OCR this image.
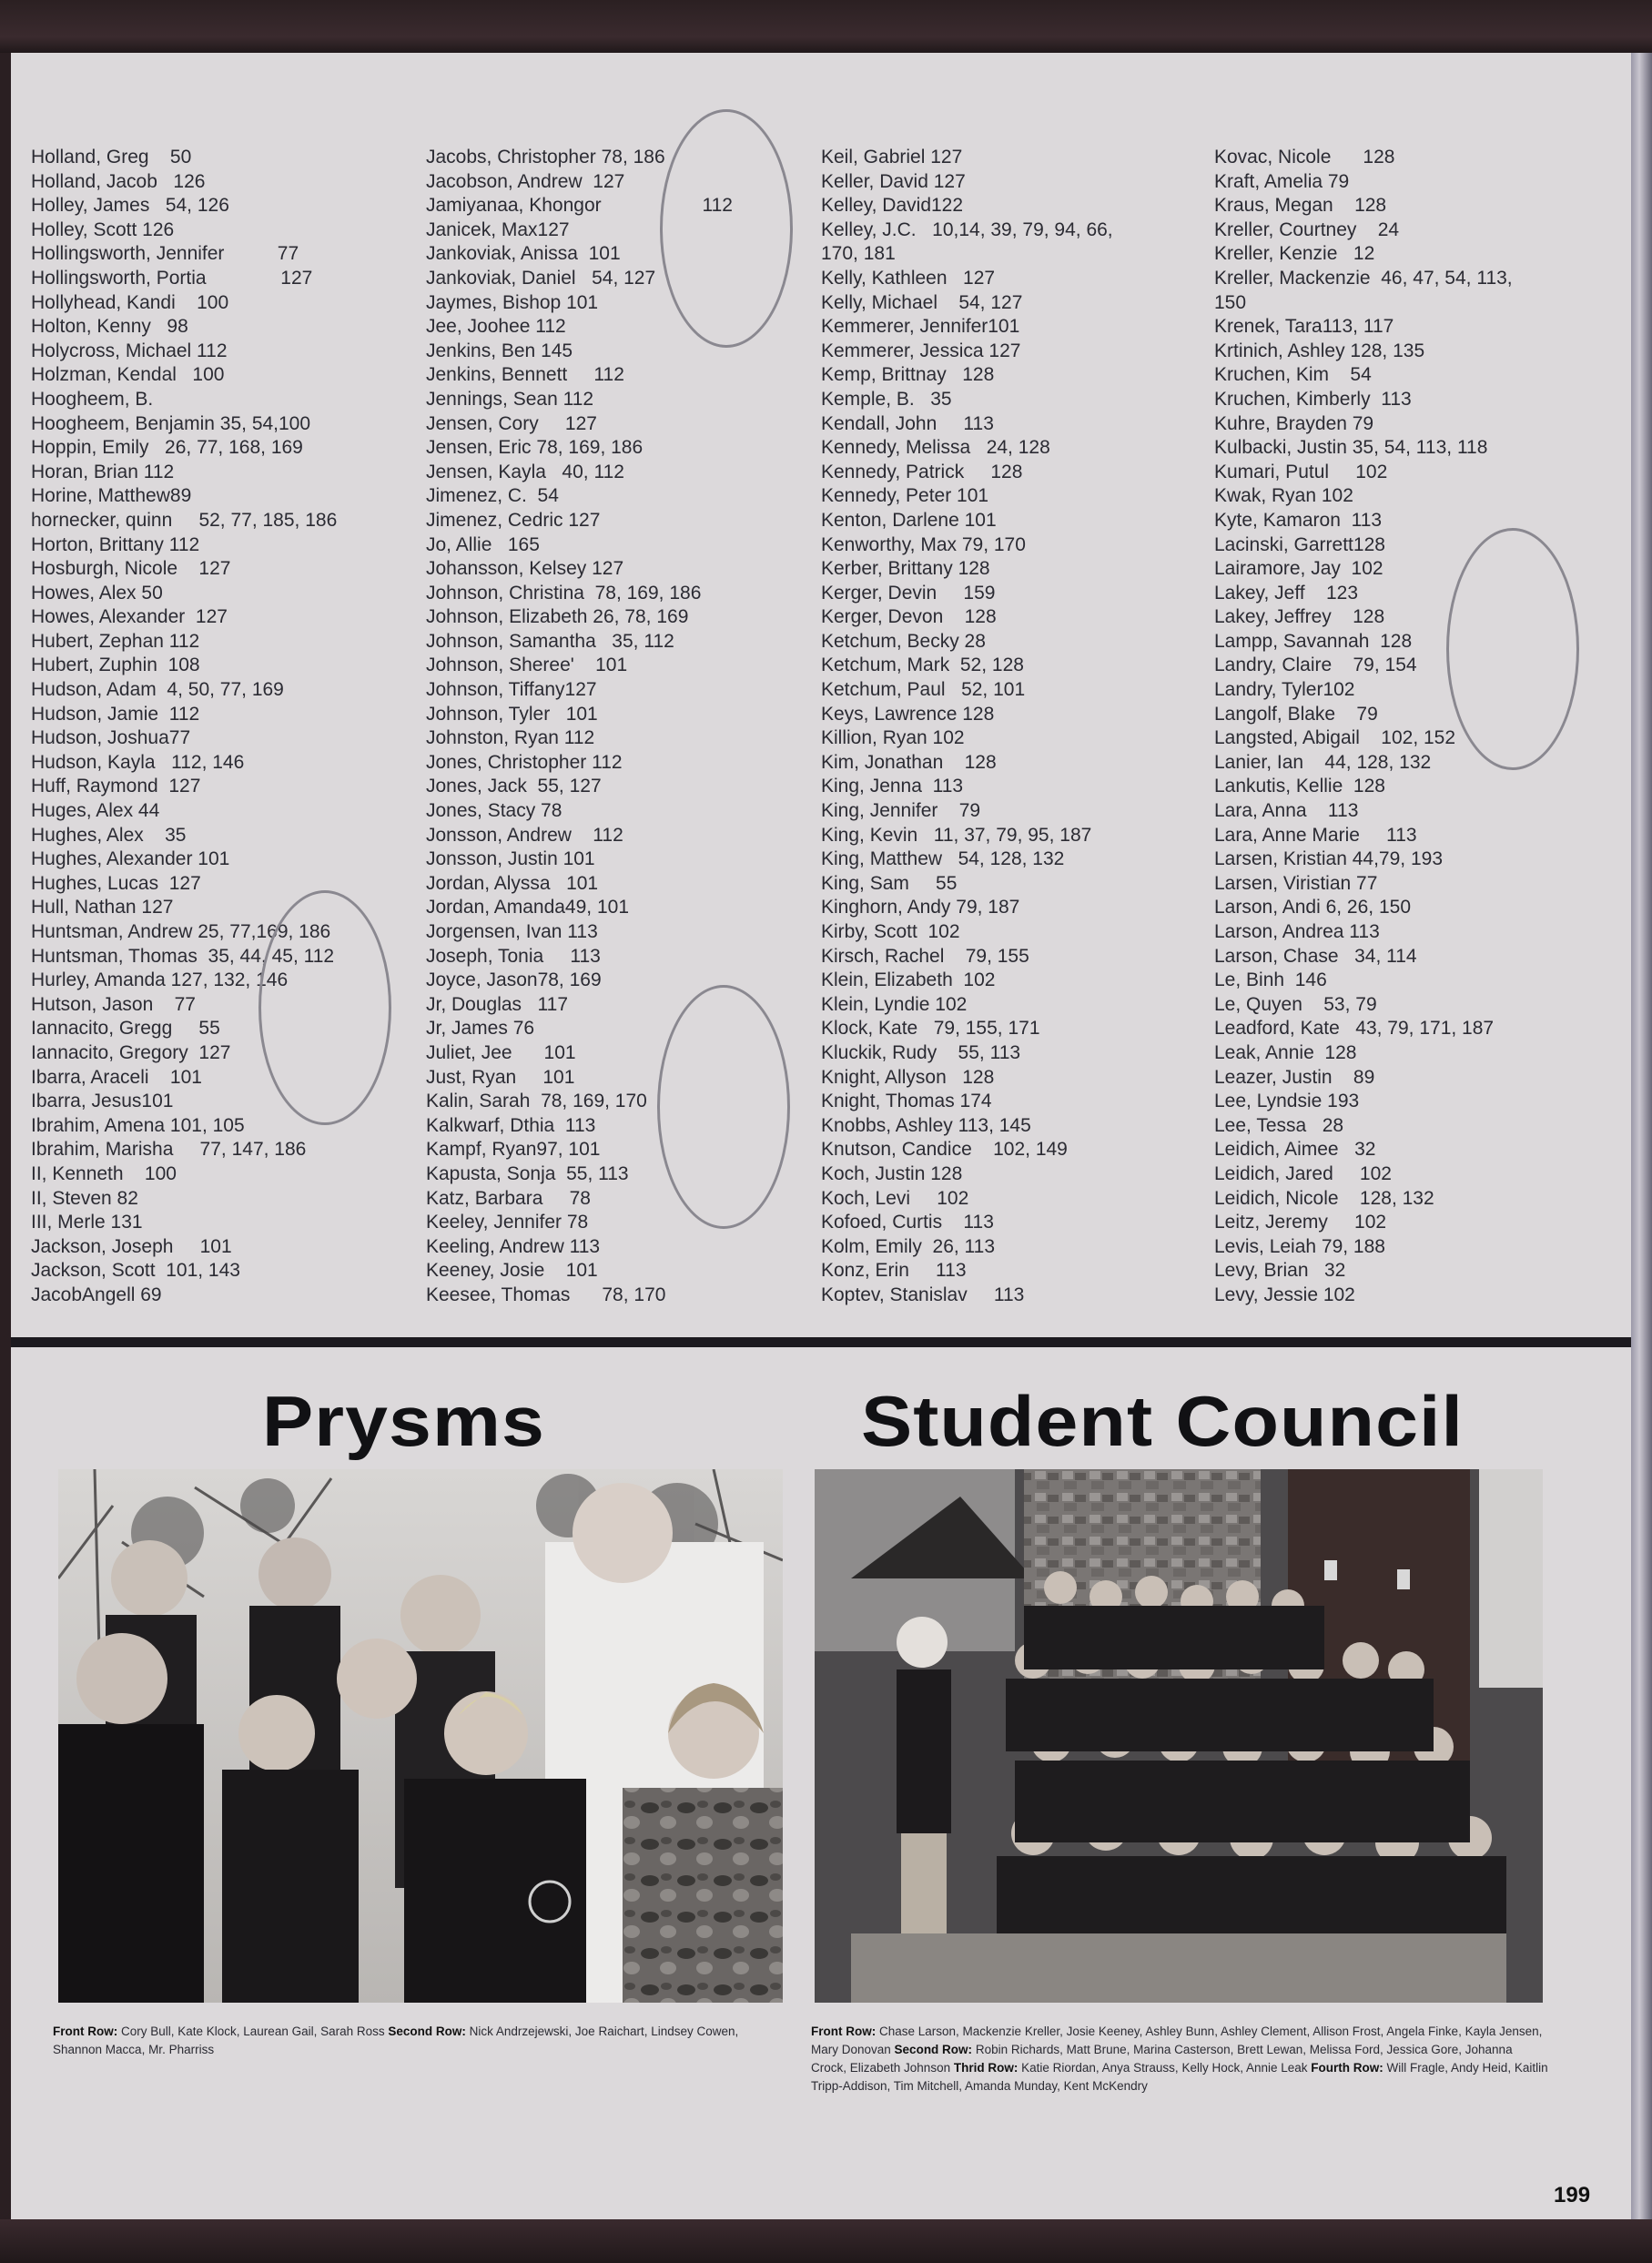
Holland, Greg    50
Holland, Jacob   126
Holley, James   54, 126
Holley, Scott 126
Hollingsworth, Jennifer          77
Hollingsworth, Portia              127
Hollyhead, Kandi    100
Holton, Kenny   98
Holycross, Michael 112
Holzman, Kendal   100
Hoogheem, B.
Hoogheem, Benjamin 35, 54,100
Hoppin, Emily   26, 77, 168, 169
Horan, Brian 112
Horine, Matthew89
hornecker, quinn     52, 77, 185, 186
Horton, Brittany 112
Hosburgh, Nicole    127
Howes, Alex 50
Howes, Alexander  127
Hubert, Zephan 112
Hubert, Zuphin  108
Hudson, Adam  4, 50, 77, 169
Hudson, Jamie  112
Hudson, Joshua77
Hudson, Kayla   112, 146
Huff, Raymond  127
Huges, Alex 44
Hughes, Alex    35
Hughes, Alexander 101
Hughes, Lucas  127
Hull, Nathan 127
Huntsman, Andrew 25, 77,169, 186
Huntsman, Thomas  35, 44, 45, 112
Hurley, Amanda 127, 132, 146
Hutson, Jason    77
Iannacito, Gregg     55
Iannacito, Gregory  127
Ibarra, Araceli    101
Ibarra, Jesus101
Ibrahim, Amena 101, 105
Ibrahim, Marisha     77, 147, 186
II, Kenneth    100
II, Steven 82
III, Merle 131
Jackson, Joseph     101
Jackson, Scott  101, 143
JacobAngell 69
Jacobs, Christopher 78, 186
Jacobson, Andrew  127
Jamiyanaa, Khongor                   112
Janicek, Max127
Jankoviak, Anissa  101
Jankoviak, Daniel   54, 127
Jaymes, Bishop 101
Jee, Joohee 112
Jenkins, Ben 145
Jenkins, Bennett     112
Jennings, Sean 112
Jensen, Cory     127
Jensen, Eric 78, 169, 186
Jensen, Kayla   40, 112
Jimenez, C.  54
Jimenez, Cedric 127
Jo, Allie   165
Johansson, Kelsey 127
Johnson, Christina  78, 169, 186
Johnson, Elizabeth 26, 78, 169
Johnson, Samantha   35, 112
Johnson, Sheree'    101
Johnson, Tiffany127
Johnson, Tyler   101
Johnston, Ryan 112
Jones, Christopher 112
Jones, Jack  55, 127
Jones, Stacy 78
Jonsson, Andrew    112
Jonsson, Justin 101
Jordan, Alyssa   101
Jordan, Amanda49, 101
Jorgensen, Ivan 113
Joseph, Tonia     113
Joyce, Jason78, 169
Jr, Douglas   117
Jr, James 76
Juliet, Jee      101
Just, Ryan     101
Kalin, Sarah  78, 169, 170
Kalkwarf, Dthia  113
Kampf, Ryan97, 101
Kapusta, Sonja  55, 113
Katz, Barbara     78
Keeley, Jennifer 78
Keeling, Andrew 113
Keeney, Josie    101
Keesee, Thomas      78, 170
Keil, Gabriel 127
Keller, David 127
Kelley, David122
Kelley, J.C.   10,14, 39, 79, 94, 66,
170, 181
Kelly, Kathleen   127
Kelly, Michael    54, 127
Kemmerer, Jennifer101
Kemmerer, Jessica 127
Kemp, Brittnay   128
Kemple, B.   35
Kendall, John     113
Kennedy, Melissa   24, 128
Kennedy, Patrick     128
Kennedy, Peter 101
Kenton, Darlene 101
Kenworthy, Max 79, 170
Kerber, Brittany 128
Kerger, Devin     159
Kerger, Devon    128
Ketchum, Becky 28
Ketchum, Mark  52, 128
Ketchum, Paul   52, 101
Keys, Lawrence 128
Killion, Ryan 102
Kim, Jonathan    128
King, Jenna  113
King, Jennifer    79
King, Kevin   11, 37, 79, 95, 187
King, Matthew   54, 128, 132
King, Sam     55
Kinghorn, Andy 79, 187
Kirby, Scott  102
Kirsch, Rachel    79, 155
Klein, Elizabeth  102
Klein, Lyndie 102
Klock, Kate   79, 155, 171
Kluckik, Rudy    55, 113
Knight, Allyson   128
Knight, Thomas 174
Knobbs, Ashley 113, 145
Knutson, Candice    102, 149
Koch, Justin 128
Koch, Levi     102
Kofoed, Curtis    113
Kolm, Emily  26, 113
Konz, Erin     113
Koptev, Stanislav     113
Kovac, Nicole      128
Kraft, Amelia 79
Kraus, Megan    128
Kreller, Courtney    24
Kreller, Kenzie   12
Kreller, Mackenzie  46, 47, 54, 113,
150
Krenek, Tara113, 117
Krtinich, Ashley 128, 135
Kruchen, Kim    54
Kruchen, Kimberly  113
Kuhre, Brayden 79
Kulbacki, Justin 35, 54, 113, 118
Kumari, Putul     102
Kwak, Ryan 102
Kyte, Kamaron  113
Lacinski, Garrett128
Lairamore, Jay  102
Lakey, Jeff    123
Lakey, Jeffrey    128
Lampp, Savannah  128
Landry, Claire    79, 154
Landry, Tyler102
Langolf, Blake    79
Langsted, Abigail    102, 152
Lanier, Ian    44, 128, 132
Lankutis, Kellie  128
Lara, Anna    113
Lara, Anne Marie     113
Larsen, Kristian 44,79, 193
Larsen, Viristian 77
Larson, Andi 6, 26, 150
Larson, Andrea 113
Larson, Chase   34, 114
Le, Binh  146
Le, Quyen    53, 79
Leadford, Kate   43, 79, 171, 187
Leak, Annie  128
Leazer, Justin    89
Lee, Lyndsie 193
Lee, Tessa   28
Leidich, Aimee   32
Leidich, Jared     102
Leidich, Nicole    128, 132
Leitz, Jeremy     102
Levis, Leiah 79, 188
Levy, Brian   32
Levy, Jessie 102
Prysms	Student Council
Front Row: Cory Bull, Kate Klock, Laurean Gail, Sarah Ross Second Row: Nick Andrzejewski, Joe Raichart, Lindsey Cowen, Shannon Macca, Mr. Pharriss
Front Row: Chase Larson, Mackenzie Kreller, Josie Keeney, Ashley Bunn, Ashley Clement, Allison Frost, Angela Finke, Kayla Jensen, Mary Donovan Second Row: Robin Richards, Matt Brune, Marina Casterson, Brett Lewan, Melissa Ford, Jessica Gore, Johanna Crock, Elizabeth Johnson Thrid Row: Katie Riordan, Anya Strauss, Kelly Hock, Annie Leak Fourth Row: Will Fragle, Andy Heid, Kaitlin Tripp-Addison, Tim Mitchell, Amanda Munday, Kent McKendry
199
